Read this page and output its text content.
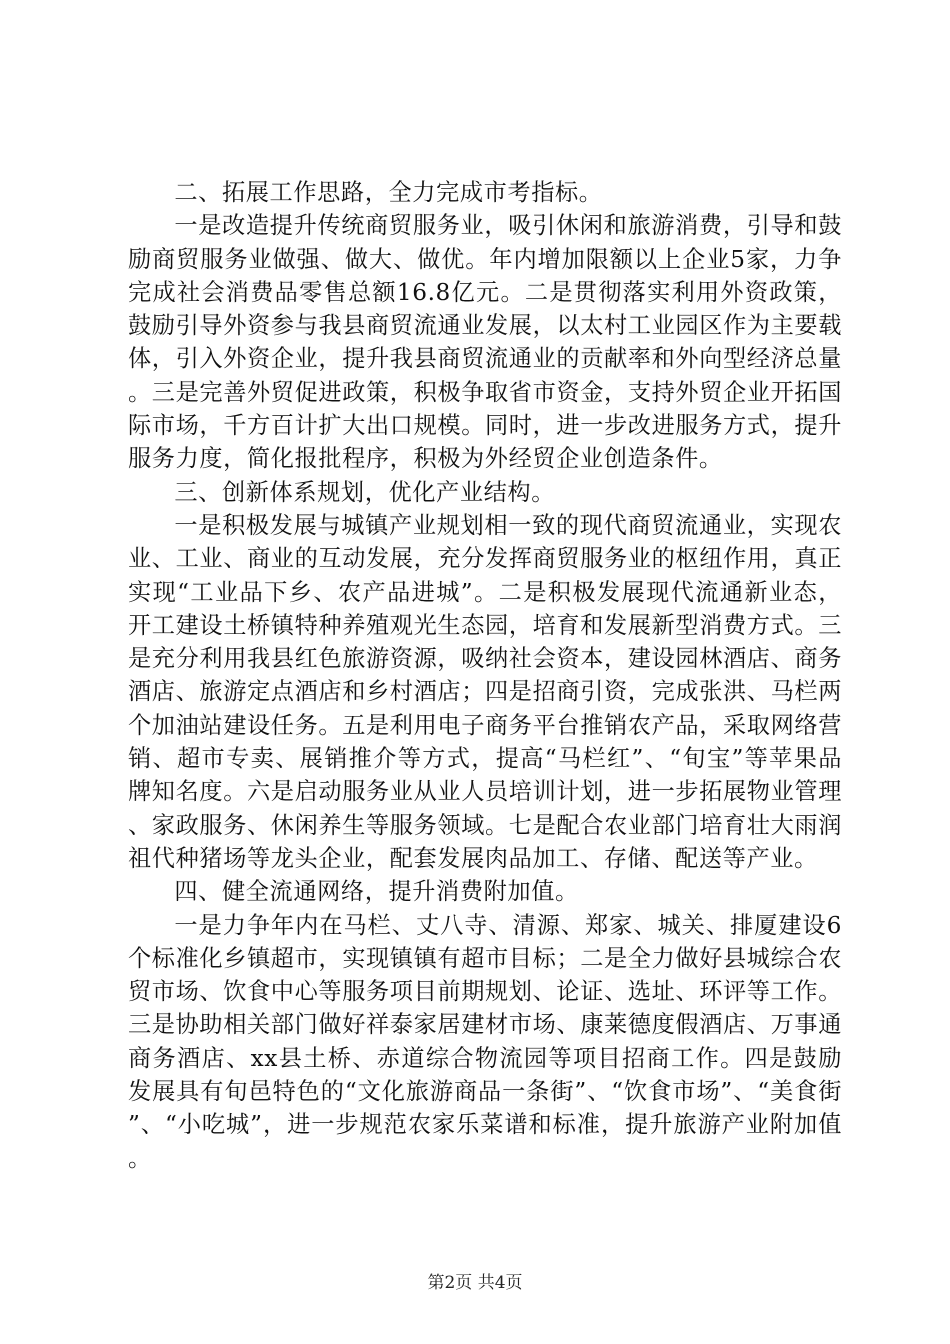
二、拓展工作思路，全力完成市考指标。

一是改造提升传统商贸服务业，吸引休闲和旅游消费，引导和鼓励商贸服务业做强、做大、做优。年内增加限额以上企业5家，力争完成社会消费品零售总额16.8亿元。二是贯彻落实利用外资政策，鼓励引导外资参与我县商贸流通业发展，以太村工业园区作为主要载体，引入外资企业，提升我县商贸流通业的贡献率和外向型经济总量。三是完善外贸促进政策，积极争取省市资金，支持外贸企业开拓国际市场，千方百计扩大出口规模。同时，进一步改进服务方式，提升服务力度，简化报批程序，积极为外经贸企业创造条件。

三、创新体系规划，优化产业结构。

一是积极发展与城镇产业规划相一致的现代商贸流通业，实现农业、工业、商业的互动发展，充分发挥商贸服务业的枢纽作用，真正实现“工业品下乡、农产品进城”。二是积极发展现代流通新业态，开工建设土桥镇特种养殖观光生态园，培育和发展新型消费方式。三是充分利用我县红色旅游资源，吸纳社会资本，建设园林酒店、商务酒店、旅游定点酒店和乡村酒店；四是招商引资，完成张洪、马栏两个加油站建设任务。五是利用电子商务平台推销农产品，采取网络营销、超市专卖、展销推介等方式，提高“马栏红”、“旬宝”等苹果品牌知名度。六是启动服务业从业人员培训计划，进一步拓展物业管理、家政服务、休闲养生等服务领域。七是配合农业部门培育壮大雨润祖代种猪场等龙头企业，配套发展肉品加工、存储、配送等产业。

四、健全流通网络，提升消费附加值。

一是力争年内在马栏、丈八寺、清源、郑家、城关、排厦建设6个标准化乡镇超市，实现镇镇有超市目标；二是全力做好县城综合农贸市场、饮食中心等服务项目前期规划、论证、选址、环评等工作。三是协助相关部门做好祥泰家居建材市场、康莱德度假酒店、万事通商务酒店、xx县土桥、赤道综合物流园等项目招商工作。四是鼓励发展具有旬邑特色的“文化旅游商品一条街”、“饮食市场”、“美食街”、“小吃城”，进一步规范农家乐菜谱和标准，提升旅游产业附加值。

第2页 共4页
